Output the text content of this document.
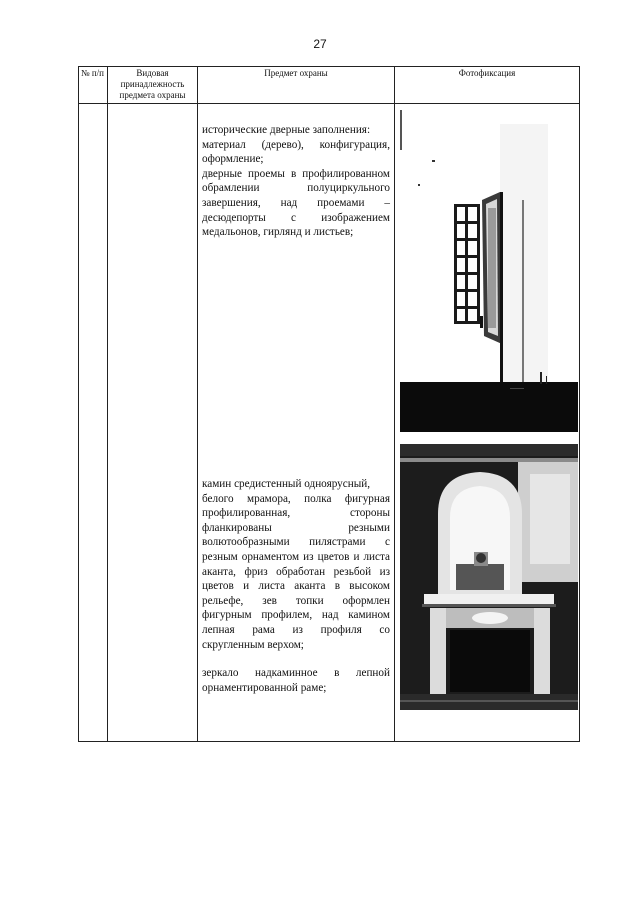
27
№ п/п	Видовая принадлежность предмета охраны
Предмет охраны	Фотофиксация

исторические дверные заполнения:

материал (дерево), конфигурация, оформление;

дверные проемы в профилированном обрамлении полуциркульного завершения, над проемами – десюдепорты с изображением медальонов, гирлянд и листьев;

камин средистенный одноярусный,

белого мрамора, полка фигурная профилированная, стороны фланкированы резными волютообразными пилястрами с резным орнаментом из цветов и листа аканта, фриз обработан резьбой из цветов и листа аканта в высоком рельефе, зев топки оформлен фигурным профилем, над камином лепная рама из профиля со скругленным верхом;

зеркало надкаминное в лепной орнаментированной раме;
